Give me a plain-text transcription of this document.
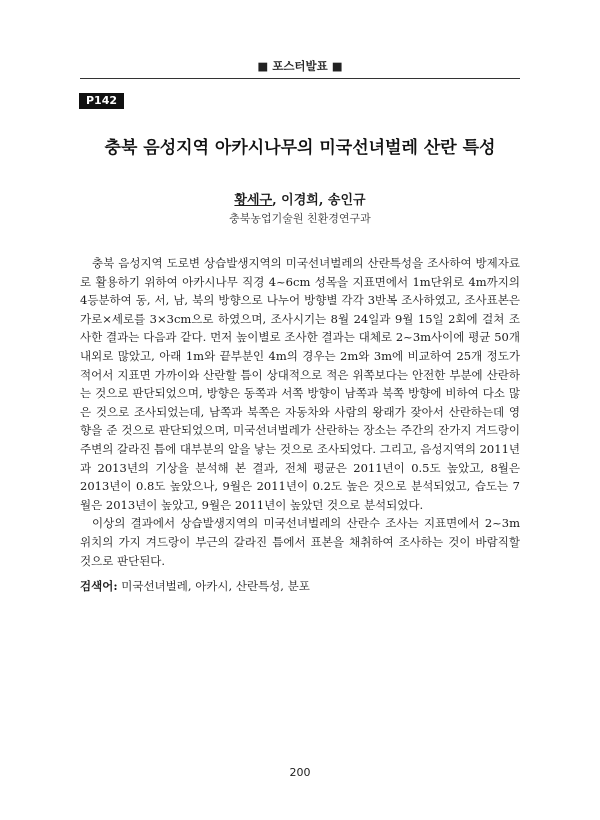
■ 포스터발표 ■
P142
충북 음성지역 아카시나무의 미국선녀벌레 산란 특성
황세구, 이경희, 송인규
충북농업기술원 친환경연구과

충북 음성지역 도로변 상습발생지역의 미국선녀벌레의 산란특성을 조사하여 방제자료로 활용하기 위하여 아카시나무 직경 4~6cm 성목을 지표면에서 1m단위로 4m까지의 4등분하여 동, 서, 남, 북의 방향으로 나누어 방향별 각각 3반복 조사하였고, 조사표본은 가로×세로를 3×3cm으로 하였으며, 조사시기는 8월 24일과 9월 15일 2회에 걸쳐 조사한 결과는 다음과 같다. 먼저 높이별로 조사한 결과는 대체로 2~3m사이에 평균 50개 내외로 많았고, 아래 1m와 끝부분인 4m의 경우는 2m와 3m에 비교하여 25개 정도가 적어서 지표면 가까이와 산란할 틈이 상대적으로 적은 위쪽보다는 안전한 부분에 산란하는 것으로 판단되었으며, 방향은 동쪽과 서쪽 방향이 남쪽과 북쪽 방향에 비하여 다소 많은 것으로 조사되었는데, 남쪽과 북쪽은 자동차와 사람의 왕래가 잦아서 산란하는데 영향을 준 것으로 판단되었으며, 미국선녀벌레가 산란하는 장소는 주간의 잔가지 겨드랑이 주변의 갈라진 틈에 대부분의 알을 낳는 것으로 조사되었다. 그리고, 음성지역의 2011년과 2013년의 기상을 분석해 본 결과, 전체 평균은 2011년이 0.5도 높았고, 8월은 2013년이 0.8도 높았으나, 9월은 2011년이 0.2도 높은 것으로 분석되었고, 습도는 7월은 2013년이 높았고, 9월은 2011년이 높았던 것으로 분석되었다.

이상의 결과에서 상습발생지역의 미국선녀벌레의 산란수 조사는 지표면에서 2~3m 위치의 가지 겨드랑이 부근의 갈라진 틈에서 표본을 채취하여 조사하는 것이 바람직할 것으로 판단된다.

검색어: 미국선녀벌레, 아카시, 산란특성, 분포
200
